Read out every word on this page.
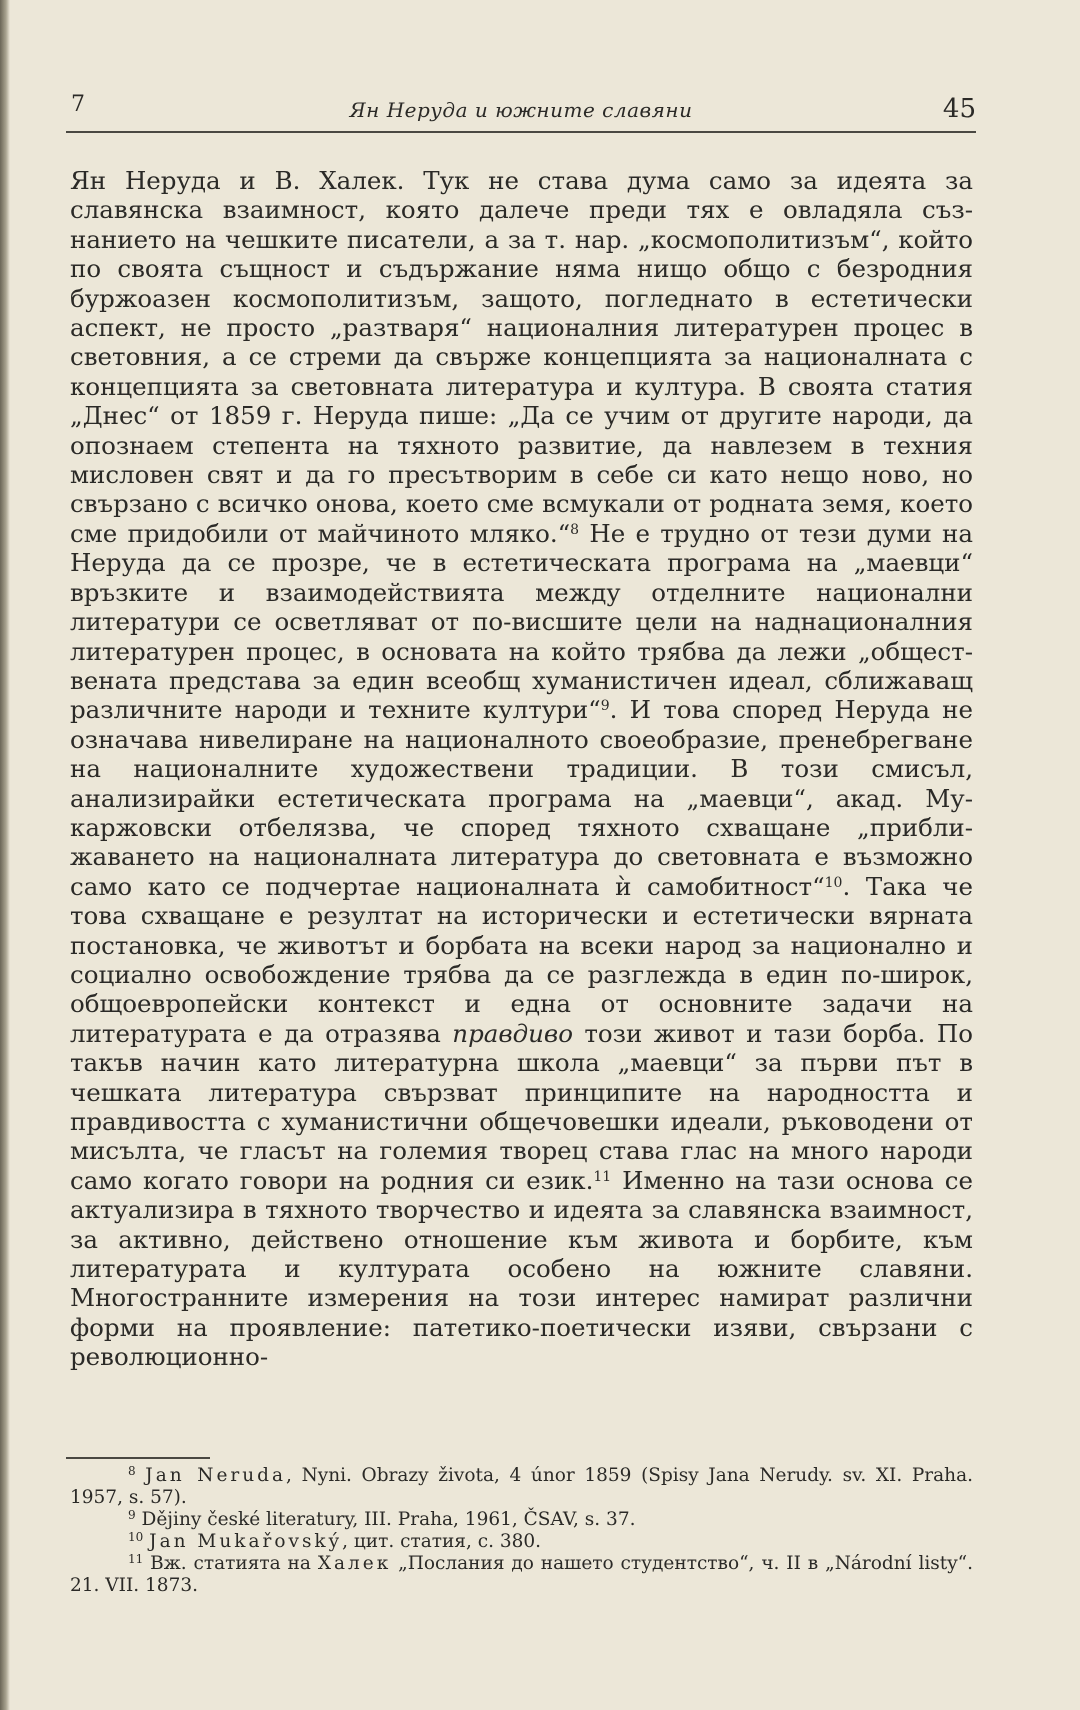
7	Ян Неруда и южните славяни	45

Ян Неруда и В. Халек. Тук не става дума само за идеята за славянска взаимност, която далече преди тях е овладяла съзнанието на чешките писатели, а за т. нар. „космополитизъм“, който по своята същност и съдържание няма нищо общо с безродния буржоазен космополитизъм, защото, погледнато в естетически аспект, не просто „разтваря“ националния литературен процес в световния, а се стреми да свърже концепцията за националната с концепцията за световната литература и култура. В своята статия „Днес“ от 1859 г. Неруда пише: „Да се учим от другите народи, да опознаем степента на тяхното развитие, да навлезем в техния мисловен свят и да го пресътворим в себе си като нещо ново, но свързано с всичко онова, което сме всмукали от родната земя, което сме придобили от майчиното мляко.“$^8$ Не е трудно от тези думи на Неруда да се прозре, че в естетическата програма на „маевци“ връзките и взаимодействията между отделните национални литератури се осветляват от по-висшите цели на наднационалния литературен процес, в основата на който трябва да лежи „обществената представа за един всеобщ хуманистичен идеал, сближаващ различните народи и техните култури“$^9$. И това според Неруда не означава нивелиране на националното своеобразие, пренебрегване на националните художествени традиции. В този смисъл, анализирайки естетическата програма на „маевци“, акад. Мукаржовски отбелязва, че според тяхното схващане „приближаването на националната литература до световната е възможно само като се подчертае националната ѝ самобитност“$^{10}$. Така че това схващане е резултат на исторически и естетически вярната постановка, че животът и борбата на всеки народ за национално и социално освобождение трябва да се разглежда в един по-широк, общоевропейски контекст и една от основните задачи на литературата е да отразява правдиво този живот и тази борба. По такъв начин като литературна школа „маевци“ за първи път в чешката литература свързват принципите на народността и правдивостта с хуманистични общечовешки идеали, ръководени от мисълта, че гласът на големия творец става глас на много народи само когато говори на родния си език.$^{11}$ Именно на тази основа се актуализира в тяхното творчество и идеята за славянска взаимност, за активно, действено отношение към живота и борбите, към литературата и културата особено на южните славяни. Многостранните измерения на този интерес намират различни форми на проявление: патетико-поетически изяви, свързани с революционно-

$^8$ Jan Neruda, Nyni. Obrazy života, 4 únor 1859 (Spisy Jana Nerudy. sv. XI. Praha. 1957, s. 57).

$^9$ Dějiny české literatury, III. Praha, 1961, ČSAV, s. 37.

$^{10}$ Jan Mukařovský, цит. статия, с. 380.

$^{11}$ Вж. статията на Халек „Послания до нашето студентство“, ч. II в „Národní listy“. 21. VII. 1873.
